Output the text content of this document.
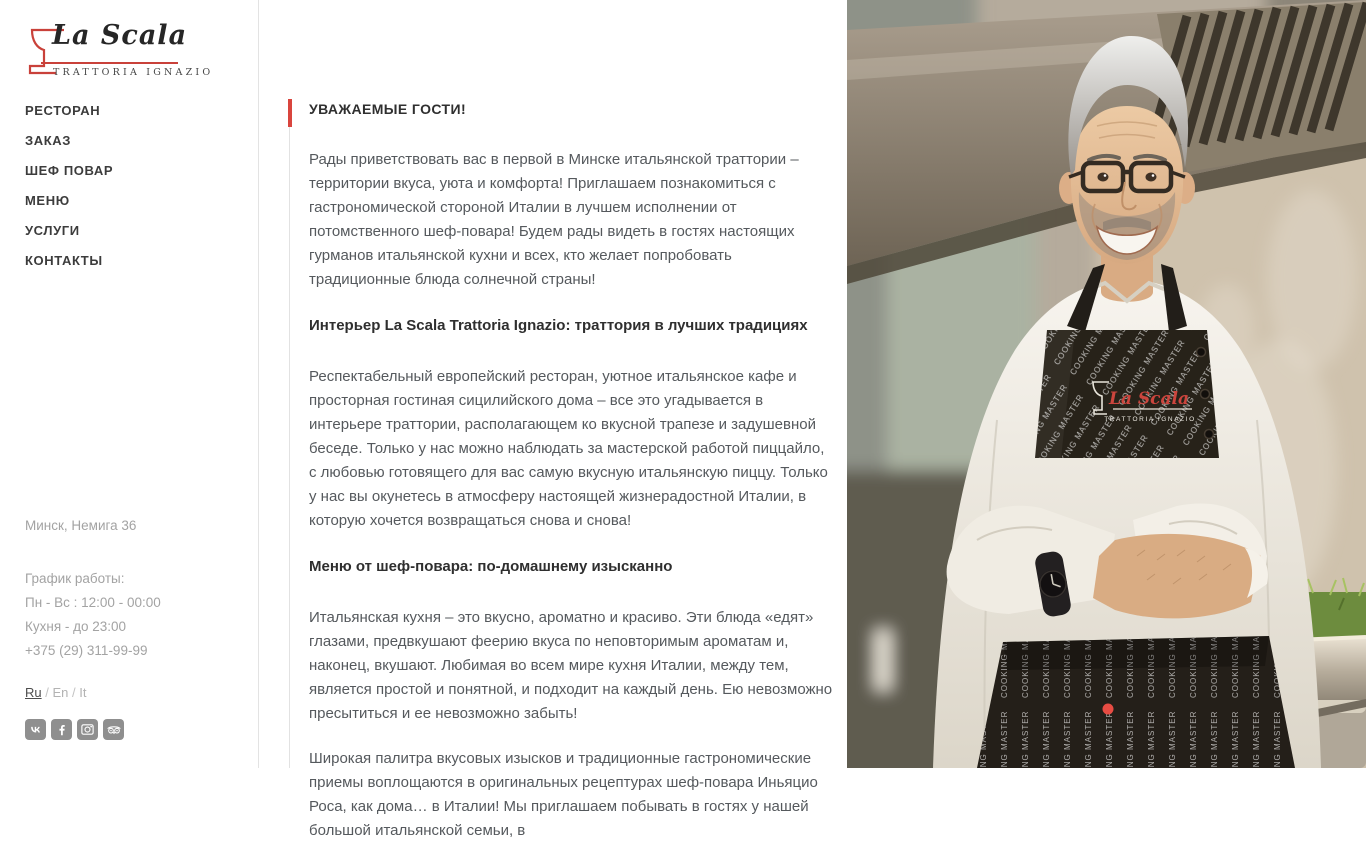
La Scala
TRATTORIA IGNAZIO
РЕСТОРАН
ЗАКАЗ
ШЕФ ПОВАР
МЕНЮ
УСЛУГИ
КОНТАКТЫ
Минск, Немига 36
График работы:
Пн - Вс : 12:00 - 00:00
Кухня - до 23:00
+375 (29) 311-99-99
Ru / En / It
УВАЖАЕМЫЕ ГОСТИ!

Рады приветствовать вас в первой в Минске итальянской траттории – территории вкуса, уюта и комфорта! Приглашаем познакомиться с гастрономической стороной Италии в лучшем исполнении от потомственного шеф-повара! Будем рады видеть в гостях настоящих гурманов итальянской кухни и всех, кто желает попробовать традиционные блюда солнечной страны!

Интерьер La Scala Trattoria Ignazio: траттория в лучших традициях

Респектабельный европейский ресторан, уютное итальянское кафе и просторная гостиная сицилийского дома – все это угадывается в интерьере траттории, располагающем ко вкусной трапезе и задушевной беседе. Только у нас можно наблюдать за мастерской работой пиццайло, с любовью готовящего для вас самую вкусную итальянскую пиццу. Только у нас вы окунетесь в атмосферу настоящей жизнерадостной Италии, в которую хочется возвращаться снова и снова!

Меню от шеф-повара: по-домашнему изысканно

Итальянская кухня – это вкусно, ароматно и красиво. Эти блюда «едят» глазами, предвкушают феерию вкуса по неповторимым ароматам и, наконец, вкушают. Любимая во всем мире кухня Италии, между тем, является простой и понятной, и подходит на каждый день. Ею невозможно пресытиться и ее невозможно забыть!

Широкая палитра вкусовых изысков и традиционные гастрономические приемы воплощаются в оригинальных рецептурах шеф-повара Иньяцио Роса, как дома… в Италии! Мы приглашаем побывать в гостях у нашей большой итальянской семьи, в

La Scala
TRATTORIA IGNAZIO
